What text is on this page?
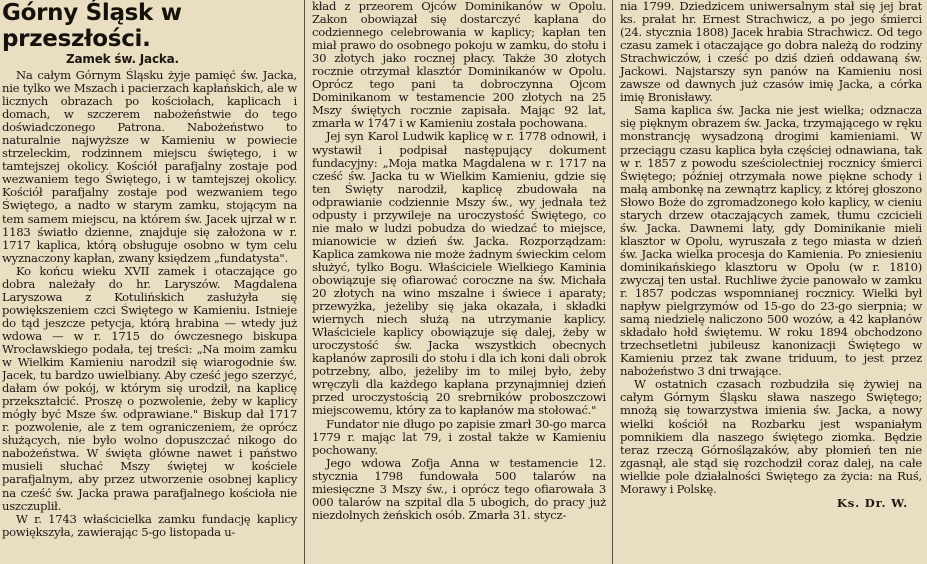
Górny Śląsk w przeszłości.
Zamek św. Jacka.

Na całym Górnym Śląsku żyje pamięć św. Jacka, nie tylko we Mszach i pacierzach kapłańskich, ale w licznych obrazach po kościołach, kaplicach i domach, w szczerem nabożeństwie do tego doświadczonego Patrona. Nabożeństwo to naturalnie najwyższe w Kamieniu w powiecie strzeleckim, rodzinnem miejscu świętego, i w tamtejszej okolicy. Kościół parafjalny zostaje pod wezwaniem tego Świętego, i w tamtejszej okolicy. Kościół parafjalny zostaje pod wezwaniem tego Świętego, a nadto w starym zamku, stojącym na tem samem miejscu, na którem św. Jacek ujrzał w r. 1183 światło dzienne, znajduje się założona w r. 1717 kaplica, którą obsługuje osobno w tym celu wyznaczony kapłan, zwany księdzem „fundatysta".

Ko końcu wieku XVII zamek i otaczające go dobra należały do hr. Laryszów. Magdalena Laryszowa z Kotulińskich zasłużyła się powiększeniem czci Świętego w Kamieniu. Istnieje do tąd jeszcze petycja, którą hrabina — wtedy już wdowa — w r. 1715 do ówczesnego biskupa Wrocławskiego podała, tej treści: „Na moim zamku w Wielkim Kamieniu narodził się wiarogodnie św. Jacek, tu bardzo uwielbiany. Aby cześć jego szerzyć, dałam ów pokój, w którym się urodził, na kaplicę przekształcić. Proszę o pozwolenie, żeby w kaplicy mógły być Msze św. odprawiane." Biskup dał 1717 r. pozwolenie, ale z tem ograniczeniem, że oprócz służących, nie było wolno dopuszczać nikogo do nabożeństwa. W święta główne nawet i państwo musieli słuchać Mszy świętej w kościele parafjalnym, aby przez utworzenie osobnej kaplicy na cześć św. Jacka prawa parafjalnego kościoła nie uszczuplił.

W r. 1743 właścicielka zamku fundację kaplicy powiększyła, zawierając 5-go listopada u-

kład z przeorem Ojców Dominikanów w Opolu. Zakon obowiązał się dostarczyć kapłana do codziennego celebrowania w kaplicy; kapłan ten miał prawo do osobnego pokoju w zamku, do stołu i 30 złotych jako rocznej płacy. Także 30 złotych rocznie otrzymał klasztór Dominikanów w Opolu. Oprócz tego pani ta dobroczynna Ojcom Dominikanom w testamencie 200 złotych na 25 Mszy świętych rocznie zapisała. Mając 92 lat, zmarła w 1747 i w Kamieniu została pochowana.

Jej syn Karol Ludwik kaplicę w r. 1778 odnowił, i wystawił i podpisał następujący dokument fundacyjny: „Moja matka Magdalena w r. 1717 na cześć św. Jacka tu w Wielkim Kamieniu, gdzie się ten Święty narodził, kaplicę zbudowała na odprawianie codziennie Mszy św., wy jednała też odpusty i przywileje na uroczystość Świętego, co nie mało w ludzi pobudza do wiedzać to miejsce, mianowicie w dzień św. Jacka. Rozporządzam: Kaplica zamkowa nie może żadnym świeckim celom służyć, tylko Bogu. Właściciele Wielkiego Kaminia obowiązuje się ofiarować coroczne na św. Michała 20 złotych na wino mszalne i świece i aparaty; przewyżka, jeżeliby się jaka okazała, i składki wiernych niech służą na utrzymanie kaplicy. Właściciele kaplicy obowiązuje się dalej, żeby w uroczystość św. Jacka wszystkich obecnych kapłanów zaprosili do stołu i dla ich koni dali obrok potrzebny, albo, jeżeliby im to milej było, żeby wręczyli dla każdego kapłana przynajmniej dzień przed uroczystością 20 srebrników proboszczowi miejscowemu, który za to kapłanów ma stołować."

Fundator nie długo po zapisie zmarł 30-go marca 1779 r. mając lat 79, i został także w Kamieniu pochowany.

Jego wdowa Zofja Anna w testamencie 12. stycznia 1798 fundowała 500 talarów na miesięczne 3 Mszy św., i oprócz tego ofiarowała 3 000 talarów na szpital dla 5 ubogich, do pracy już niezdolnych żeńskich osób. Zmarła 31. stycz-

nia 1799. Dziedzicem uniwersalnym stał się jej brat ks. prałat hr. Ernest Strachwicz, a po jego śmierci (24. stycznia 1808) Jacek hrabia Strachwicz. Od tego czasu zamek i otaczające go dobra należą do rodziny Strachwiczów, i cześć po dziś dzień oddawaną św. Jackowi. Najstarszy syn panów na Kamieniu nosi zawsze od dawnych już czasów imię Jacka, a córka imię Bronisławy.

Sama kaplica św. Jacka nie jest wielka; odznacza się pięknym obrazem św. Jacka, trzymającego w ręku monstrancję wysadzoną drogimi kamieniami. W przeciągu czasu kaplica była częściej odnawiana, tak w r. 1857 z powodu sześciolectniej rocznicy śmierci Świętego; później otrzymała nowe piękne schody i małą ambonkę na zewnątrz kaplicy, z której głoszono Słowo Boże do zgromadzonego koło kaplicy, w cieniu starych drzew otaczających zamek, tłumu czcicieli św. Jacka. Dawnemi laty, gdy Dominikanie mieli klasztor w Opolu, wyruszała z tego miasta w dzień św. Jacka wielka procesja do Kamienia. Po zniesieniu dominikańskiego klasztoru w Opolu (w r. 1810) zwyczaj ten ustał. Ruchliwe życie panowało w zamku r. 1857 podczas wspomnianej rocznicy. Wielki był napływ pielgrzymów od 15-go do 23-go sierpnia; w samą niedzielę naliczono 500 wozów, a 42 kapłanów składało hołd świętemu. W roku 1894 obchodzono trzechsetletni jubileusz kanonizacji Świętego w Kamieniu przez tak zwane triduum, to jest przez nabożeństwo 3 dni trwające.

W ostatnich czasach rozbudziła się żywiej na całym Górnym Śląsku sława naszego Świętego; mnożą się towarzystwa imienia św. Jacka, a nowy wielki kościół na Rozbarku jest wspaniałym pomnikiem dla naszego świętego ziomka. Będzie teraz rzeczą Górnoślązaków, aby płomień ten nie zgasnął, ale stąd się rozchodził coraz dalej, na całe wielkie pole działalności Świętego za życia: na Ruś, Morawy i Polskę.

Ks. Dr. W.
